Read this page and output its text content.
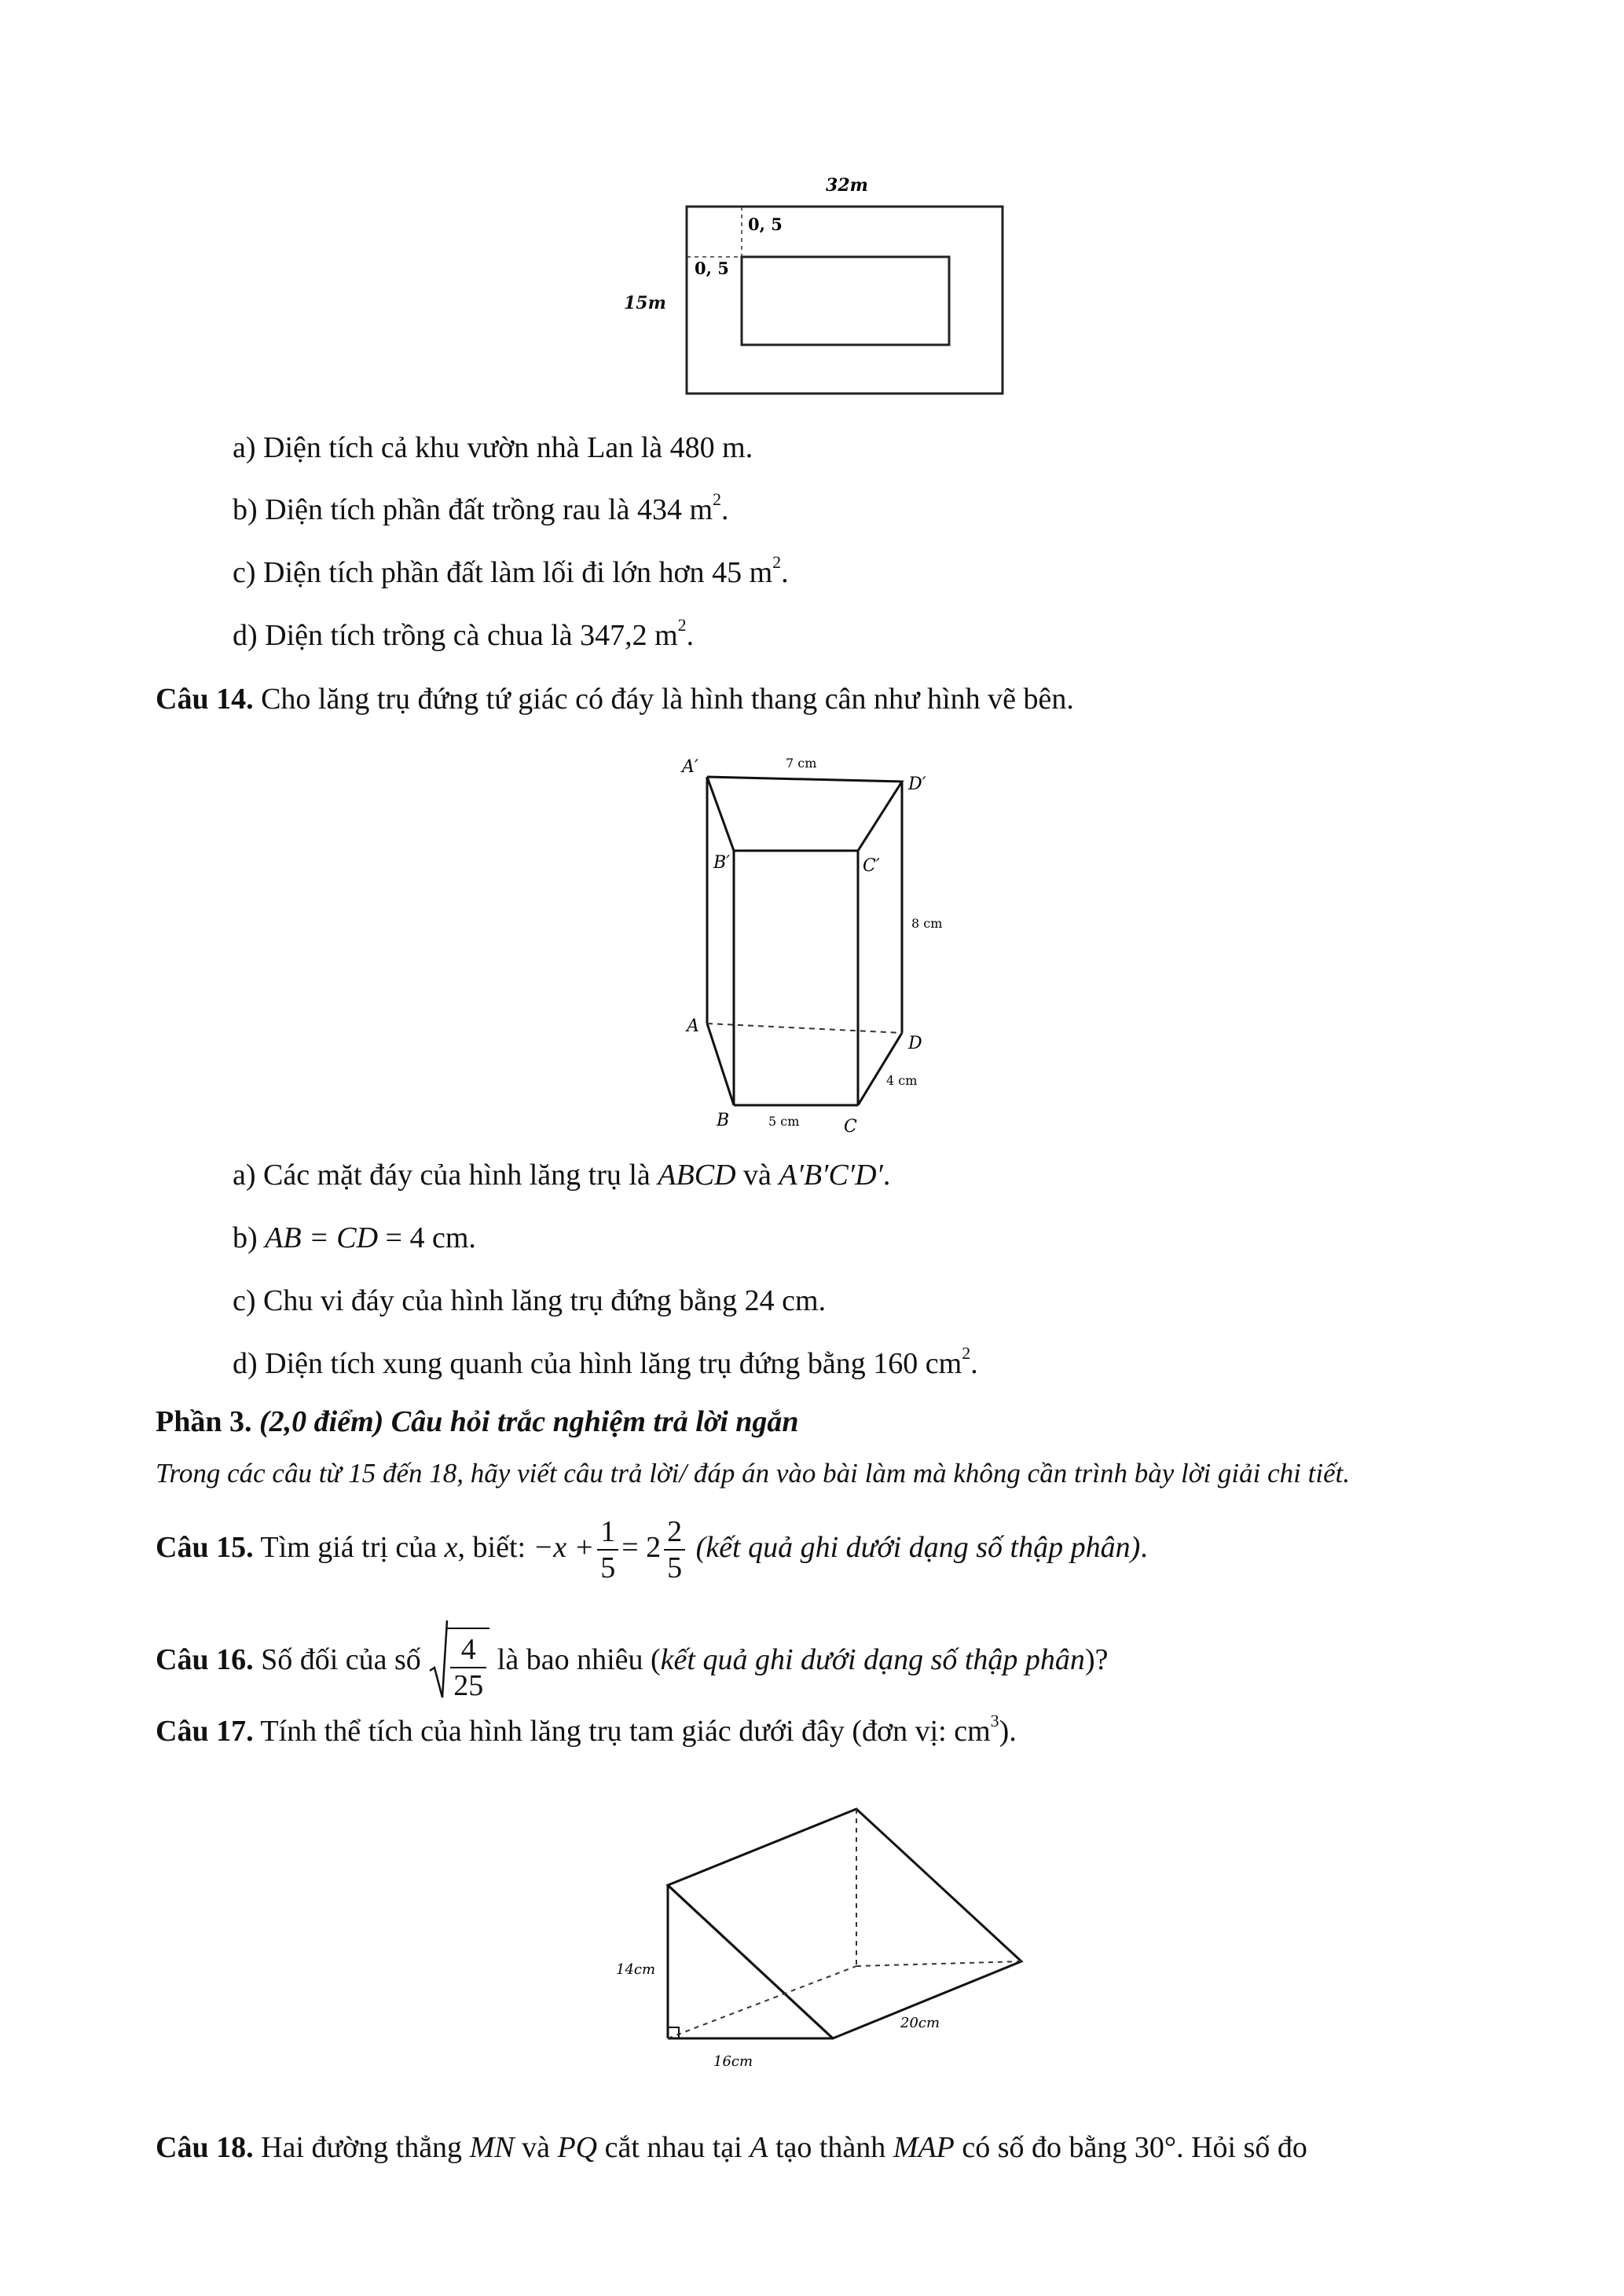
32m
0, 5
0, 5
15m
a) Diện tích cả khu vườn nhà Lan là 480 m.
b) Diện tích phần đất trồng rau là 434 $m^2$.
c) Diện tích phần đất làm lối đi lớn hơn 45 $m^2$.
d) Diện tích trồng cà chua là 347,2 $m^2$.
Câu 14. Cho lăng trụ đứng tứ giác có đáy là hình thang cân như hình vẽ bên.
A′
D′
B′	C′
A
D
B	C
7 cm
8 cm
4 cm
5 cm
a) Các mặt đáy của hình lăng trụ là ABCD và A′B′C′D′.
b) AB = CD = 4 cm.
c) Chu vi đáy của hình lăng trụ đứng bằng 24 cm.
d) Diện tích xung quanh của hình lăng trụ đứng bằng 160 $cm^2$.
Phần 3. (2,0 điểm) Câu hỏi trắc nghiệm trả lời ngắn
Trong các câu từ 15 đến 18, hãy viết câu trả lời/ đáp án vào bài làm mà không cần trình bày lời giải chi tiết.
Câu 15. Tìm giá trị của x, biết: $-x + \frac{1}{5} = 2 \frac{2}{5}$ (kết quả ghi dưới dạng số thập phân).
Câu 16. Số đối của số $\frac{4}{25}$ là bao nhiêu (kết quả ghi dưới dạng số thập phân)?
Câu 17. Tính thể tích của hình lăng trụ tam giác dưới đây (đơn vị: $cm^3$).
14cm
16cm
20cm
Câu 18. Hai đường thẳng MN và PQ cắt nhau tại A tạo thành MAP có số đo bằng 30°. Hỏi số đo
